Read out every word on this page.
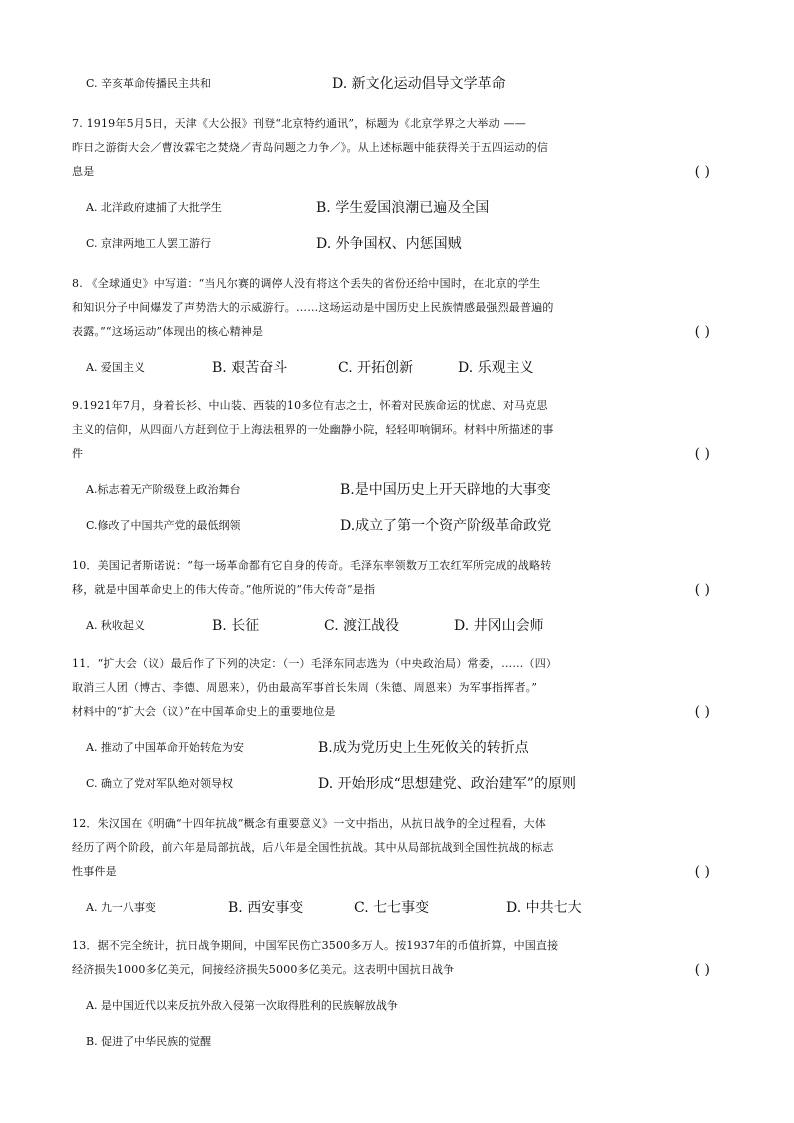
C. 辛亥革命传播民主共和	D. 新文化运动倡导文学革命
7. 1919年5月5日，天津《大公报》刊登“北京特约通讯”，标题为《北京学界之大举动 ——
昨日之游街大会／曹汝霖宅之焚烧／青岛问题之力争／》。从上述标题中能获得关于五四运动的信
息是	( )
A. 北洋政府逮捕了大批学生	B. 学生爱国浪潮已遍及全国
C. 京津两地工人罢工游行	D. 外争国权、内惩国贼
8. 《全球通史》中写道：“当凡尔赛的调停人没有将这个丢失的省份还给中国时，在北京的学生
和知识分子中间爆发了声势浩大的示威游行。……这场运动是中国历史上民族情感最强烈最普遍的
表露。”“这场运动”体现出的核心精神是	( )
A. 爱国主义	B. 艰苦奋斗	C. 开拓创新	D. 乐观主义
9.1921年7月，身着长衫、中山装、西装的10多位有志之士，怀着对民族命运的忧虑、对马克思
主义的信仰，从四面八方赶到位于上海法租界的一处幽静小院，轻轻叩响铜环。材料中所描述的事
件	( )
A.标志着无产阶级登上政治舞台	B.是中国历史上开天辟地的大事变
C.修改了中国共产党的最低纲领	D.成立了第一个资产阶级革命政党
10．美国记者斯诺说：“每一场革命都有它自身的传奇。毛泽东率领数万工农红军所完成的战略转
移，就是中国革命史上的伟大传奇。”他所说的“伟大传奇”是指	( )
A. 秋收起义	B. 长征	C. 渡江战役	D. 井冈山会师
11．“扩大会（议）最后作了下列的决定：（一）毛泽东同志选为（中央政治局）常委，……（四）
取消三人团（博古、李德、周恩来），仍由最高军事首长朱周（朱德、周恩来）为军事指挥者。”
材料中的“扩大会（议）”在中国革命史上的重要地位是	( )
A. 推动了中国革命开始转危为安	B.成为党历史上生死攸关的转折点
C. 确立了党对军队绝对领导权	D. 开始形成“思想建党、政治建军”的原则
12．朱汉国在《明确“十四年抗战”概念有重要意义》一文中指出，从抗日战争的全过程看，大体
经历了两个阶段，前六年是局部抗战，后八年是全国性抗战。其中从局部抗战到全国性抗战的标志
性事件是	( )
A. 九一八事变	B. 西安事变	C. 七七事变	D. 中共七大
13．据不完全统计，抗日战争期间，中国军民伤亡3500多万人。按1937年的币值折算，中国直接
经济损失1000多亿美元，间接经济损失5000多亿美元。这表明中国抗日战争	( )
A. 是中国近代以来反抗外敌入侵第一次取得胜利的民族解放战争
B. 促进了中华民族的觉醒
